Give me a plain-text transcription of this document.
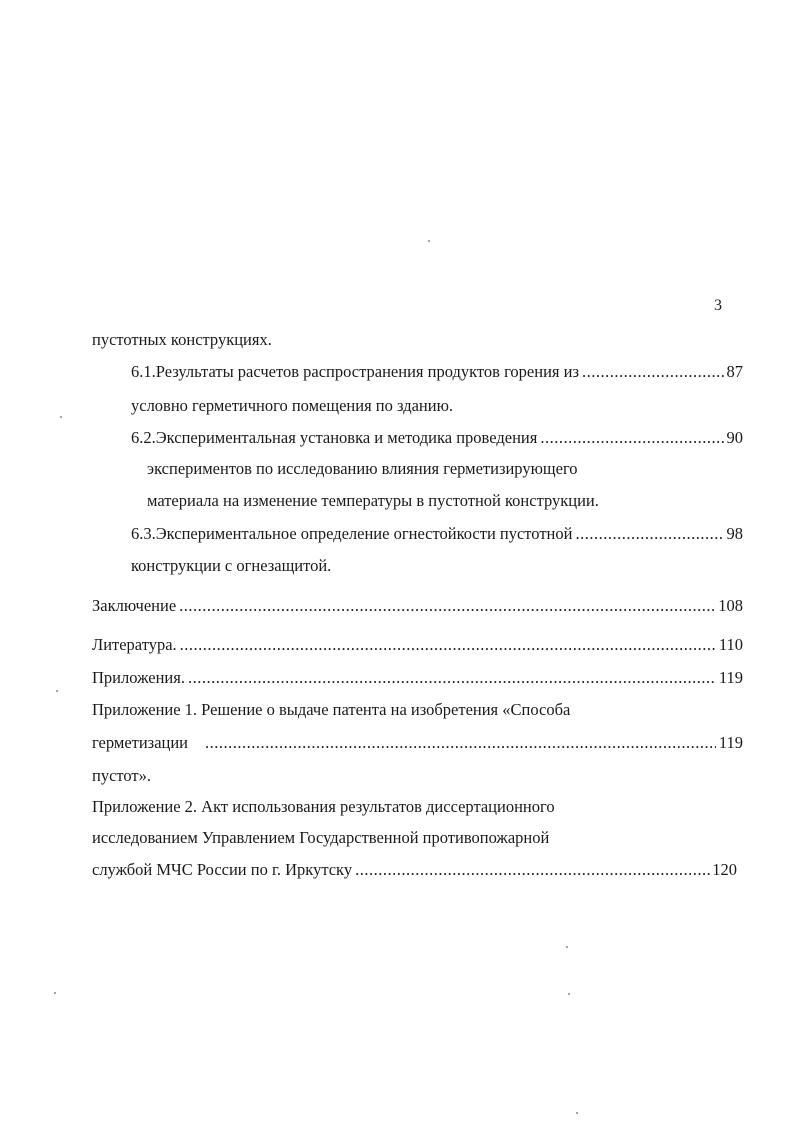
3
пустотных конструкциях.
6.1.Результаты расчетов распространения продуктов горения из .....	87
условно герметичного помещения по зданию.
6.2.Экспериментальная установка и методика проведения .....	90
экспериментов по исследованию влияния герметизирующего
материала на изменение температуры в пустотной конструкции.
6.3.Экспериментальное определение огнестойкости пустотной .....	98
конструкции с огнезащитой.
Заключение .....	108
Литература. .....	110
Приложения. .....	119
Приложение 1. Решение о выдаче патента на изобретения «Способа
герметизации .....	119
пустот».
Приложение 2. Акт использования результатов диссертационного
исследованием Управлением Государственной противопожарной
службой МЧС России по г. Иркутску .....	120
